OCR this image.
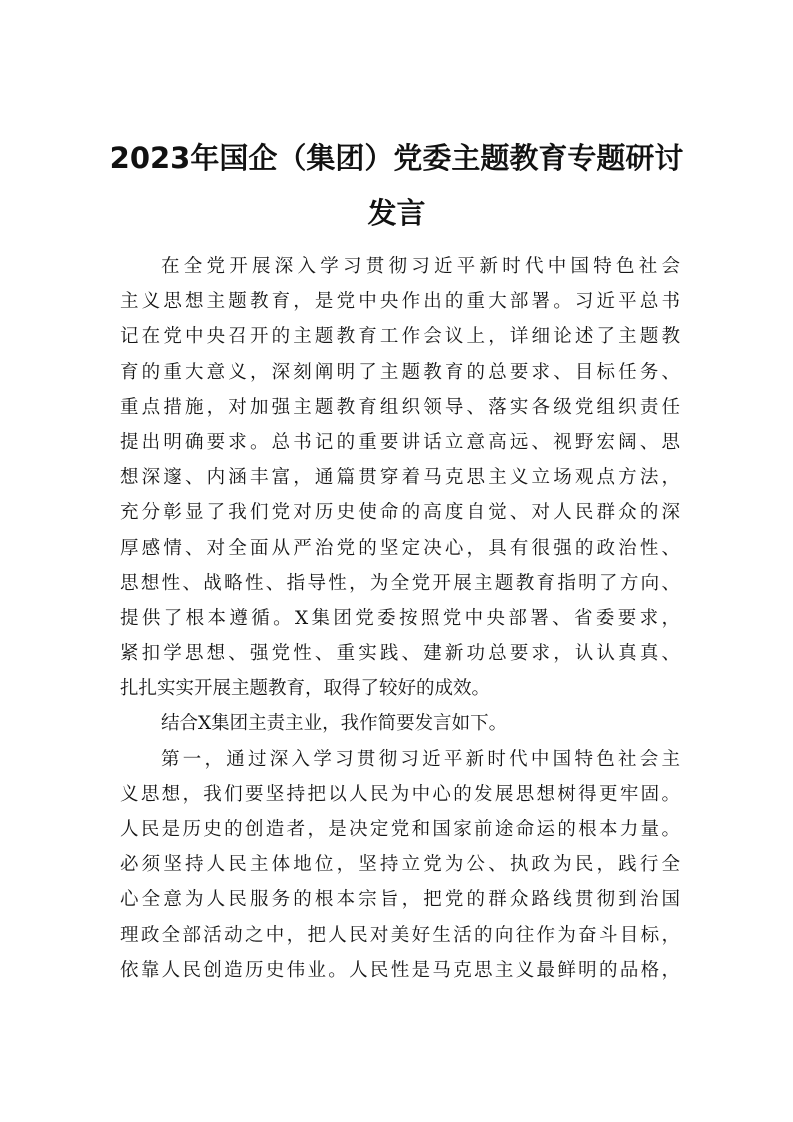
2023年国企（集团）党委主题教育专题研讨
发言
在全党开展深入学习贯彻习近平新时代中国特色社会
主义思想主题教育，是党中央作出的重大部署。习近平总书
记在党中央召开的主题教育工作会议上，详细论述了主题教
育的重大意义，深刻阐明了主题教育的总要求、目标任务、
重点措施，对加强主题教育组织领导、落实各级党组织责任
提出明确要求。总书记的重要讲话立意高远、视野宏阔、思
想深邃、内涵丰富，通篇贯穿着马克思主义立场观点方法，
充分彰显了我们党对历史使命的高度自觉、对人民群众的深
厚感情、对全面从严治党的坚定决心，具有很强的政治性、
思想性、战略性、指导性，为全党开展主题教育指明了方向、
提供了根本遵循。X集团党委按照党中央部署、省委要求，
紧扣学思想、强党性、重实践、建新功总要求，认认真真、
扎扎实实开展主题教育，取得了较好的成效。
结合X集团主责主业，我作简要发言如下。
第一，通过深入学习贯彻习近平新时代中国特色社会主
义思想，我们要坚持把以人民为中心的发展思想树得更牢固。
人民是历史的创造者，是决定党和国家前途命运的根本力量。
必须坚持人民主体地位，坚持立党为公、执政为民，践行全
心全意为人民服务的根本宗旨，把党的群众路线贯彻到治国
理政全部活动之中，把人民对美好生活的向往作为奋斗目标，
依靠人民创造历史伟业。人民性是马克思主义最鲜明的品格，
